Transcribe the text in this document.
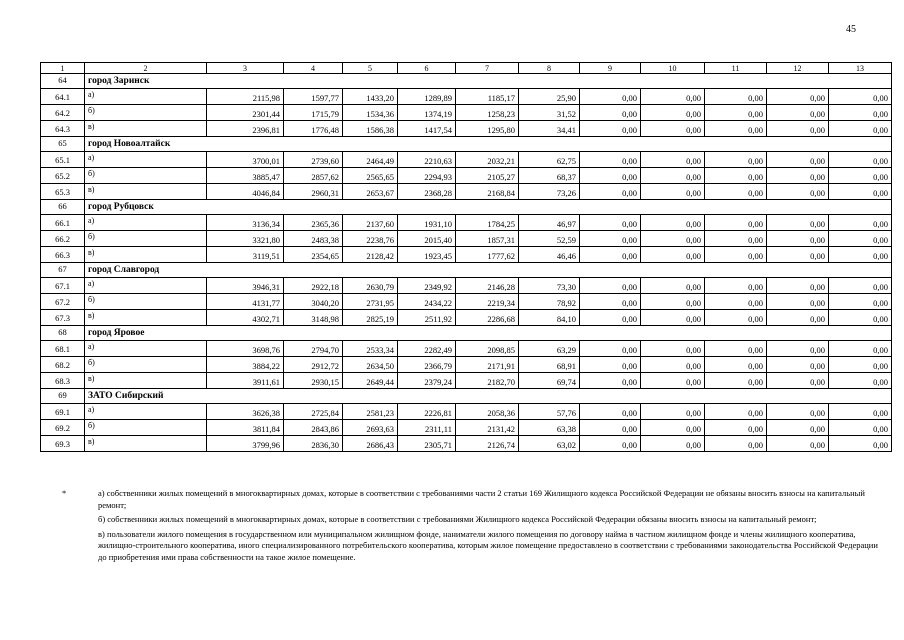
45
1	2	3	4	5	6	7	8	9	10	11	12	13
64	город Заринск											
64.1	а)	2115,98	1597,77	1433,20	1289,89	1185,17	25,90	0,00	0,00	0,00	0,00	0,00
64.2	б)	2301,44	1715,79	1534,36	1374,19	1258,23	31,52	0,00	0,00	0,00	0,00	0,00
64.3	в)	2396,81	1776,48	1586,38	1417,54	1295,80	34,41	0,00	0,00	0,00	0,00	0,00
65	город Новоалтайск											
65.1	а)	3700,01	2739,60	2464,49	2210,63	2032,21	62,75	0,00	0,00	0,00	0,00	0,00
65.2	б)	3885,47	2857,62	2565,65	2294,93	2105,27	68,37	0,00	0,00	0,00	0,00	0,00
65.3	в)	4046,84	2960,31	2653,67	2368,28	2168,84	73,26	0,00	0,00	0,00	0,00	0,00
66	город Рубцовск											
66.1	а)	3136,34	2365,36	2137,60	1931,10	1784,25	46,97	0,00	0,00	0,00	0,00	0,00
66.2	б)	3321,80	2483,38	2238,76	2015,40	1857,31	52,59	0,00	0,00	0,00	0,00	0,00
66.3	в)	3119,51	2354,65	2128,42	1923,45	1777,62	46,46	0,00	0,00	0,00	0,00	0,00
67	город Славгород											
67.1	а)	3946,31	2922,18	2630,79	2349,92	2146,28	73,30	0,00	0,00	0,00	0,00	0,00
67.2	б)	4131,77	3040,20	2731,95	2434,22	2219,34	78,92	0,00	0,00	0,00	0,00	0,00
67.3	в)	4302,71	3148,98	2825,19	2511,92	2286,68	84,10	0,00	0,00	0,00	0,00	0,00
68	город Яровое											
68.1	а)	3698,76	2794,70	2533,34	2282,49	2098,85	63,29	0,00	0,00	0,00	0,00	0,00
68.2	б)	3884,22	2912,72	2634,50	2366,79	2171,91	68,91	0,00	0,00	0,00	0,00	0,00
68.3	в)	3911,61	2930,15	2649,44	2379,24	2182,70	69,74	0,00	0,00	0,00	0,00	0,00
69	ЗАТО Сибирский											
69.1	а)	3626,38	2725,84	2581,23	2226,81	2058,36	57,76	0,00	0,00	0,00	0,00	0,00
69.2	б)	3811,84	2843,86	2693,63	2311,11	2131,42	63,38	0,00	0,00	0,00	0,00	0,00
69.3	в)	3799,96	2836,30	2686,43	2305,71	2126,74	63,02	0,00	0,00	0,00	0,00	0,00
*	а) собственники жилых помещений в многоквартирных домах, которые в соответствии с требованиями части 2 статьи 169 Жилищного кодекса Российской Федерации не обязаны вносить взносы на капитальный ремонт;

б) собственники жилых помещений в многоквартирных домах, которые в соответствии с требованиями Жилищного кодекса Российской Федерации обязаны вносить взносы на капитальный ремонт;

в) пользователи жилого помещения в государственном или муниципальном жилищном фонде, наниматели жилого помещения по договору найма в частном жилищном фонде и члены жилищного кооператива, жилищно-строительного кооператива, иного специализированного потребительского кооператива, которым жилое помещение предоставлено в соответствии с требованиями законодательства Российской Федерации до приобретения ими права собственности на такое жилое помещение.
